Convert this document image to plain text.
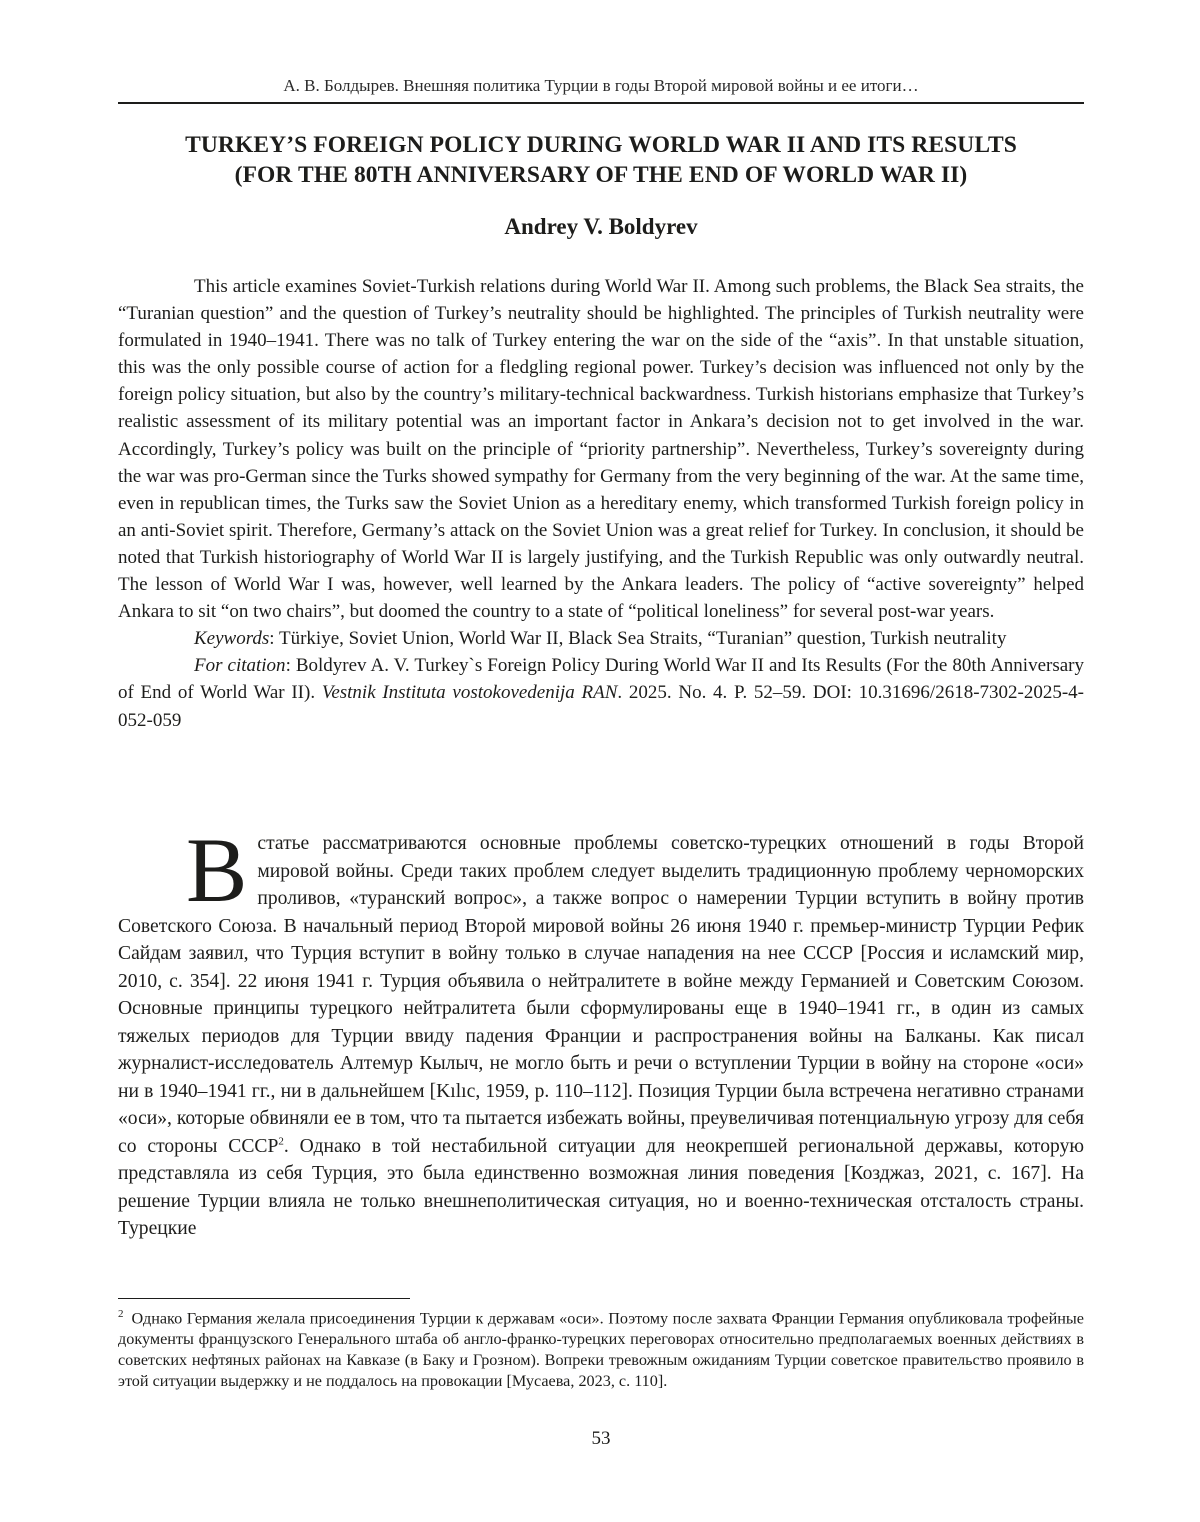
А. В. Болдырев. Внешняя политика Турции в годы Второй мировой войны и ее итоги…
TURKEY’S FOREIGN POLICY DURING WORLD WAR II AND ITS RESULTS
(FOR THE 80TH ANNIVERSARY OF THE END OF WORLD WAR II)
Andrey V. Boldyrev

This article examines Soviet-Turkish relations during World War II. Among such problems, the Black Sea straits, the “Turanian question” and the question of Turkey’s neutrality should be highlighted. The principles of Turkish neutrality were formulated in 1940–1941. There was no talk of Turkey entering the war on the side of the “axis”. In that unstable situation, this was the only possible course of action for a fledgling regional power. Turkey’s decision was influenced not only by the foreign policy situation, but also by the country’s military-technical backwardness. Turkish historians emphasize that Turkey’s realistic assessment of its military potential was an important factor in Ankara’s decision not to get involved in the war. Accordingly, Turkey’s policy was built on the principle of “priority partnership”. Nevertheless, Turkey’s sovereignty during the war was pro-German since the Turks showed sympathy for Germany from the very beginning of the war. At the same time, even in republican times, the Turks saw the Soviet Union as a hereditary enemy, which transformed Turkish foreign policy in an anti-Soviet spirit. Therefore, Germany’s attack on the Soviet Union was a great relief for Turkey. In conclusion, it should be noted that Turkish historiography of World War II is largely justifying, and the Turkish Republic was only outwardly neutral. The lesson of World War I was, however, well learned by the Ankara leaders. The policy of “active sovereignty” helped Ankara to sit “on two chairs”, but doomed the country to a state of “political loneliness” for several post-war years.

Keywords: Türkiye, Soviet Union, World War II, Black Sea Straits, “Turanian” question, Turkish neutrality

For citation: Boldyrev A. V. Turkey`s Foreign Policy During World War II and Its Results (For the 80th Anniversary of End of World War II). Vestnik Instituta vostokovedenija RAN. 2025. No. 4. P. 52–59. DOI: 10.31696/2618-7302-2025-4-052-059

Встатье рассматриваются основные проблемы советско-турецких отношений в годы Второй мировой войны. Среди таких проблем следует выделить традиционную проблему черноморских проливов, «туранский вопрос», а также вопрос о намерении Турции вступить в войну против Советского Союза. В начальный период Второй мировой войны 26 июня 1940 г. премьер-министр Турции Рефик Сайдам заявил, что Турция вступит в войну только в случае нападения на нее СССР [Россия и исламский мир, 2010, с. 354]. 22 июня 1941 г. Турция объявила о нейтралитете в войне между Германией и Советским Союзом. Основные принципы турецкого нейтралитета были сформулированы еще в 1940–1941 гг., в один из самых тяжелых периодов для Турции ввиду падения Франции и распространения войны на Балканы. Как писал журналист-исследователь Алтемур Кылыч, не могло быть и речи о вступлении Турции в войну на стороне «оси» ни в 1940–1941 гг., ни в дальнейшем [Kılıc, 1959, p. 110–112]. Позиция Турции была встречена негативно странами «оси», которые обвиняли ее в том, что та пытается избежать войны, преувеличивая потенциальную угрозу для себя со стороны СССР$^2$. Однако в той нестабильной ситуации для неокрепшей региональной державы, которую представляла из себя Турция, это была единственно возможная линия поведения [Козджаз, 2021, с. 167]. На решение Турции влияла не только внешнеполитическая ситуация, но и военно-техническая отсталость страны. Турецкие

$^2$ Однако Германия желала присоединения Турции к державам «оси». Поэтому после захвата Франции Германия опубликовала трофейные документы французского Генерального штаба об англо-франко-турецких переговорах относительно предполагаемых военных действиях в советских нефтяных районах на Кавказе (в Баку и Грозном). Вопреки тревожным ожиданиям Турции советское правительство проявило в этой ситуации выдержку и не поддалось на провокации [Мусаева, 2023, с. 110].
53
